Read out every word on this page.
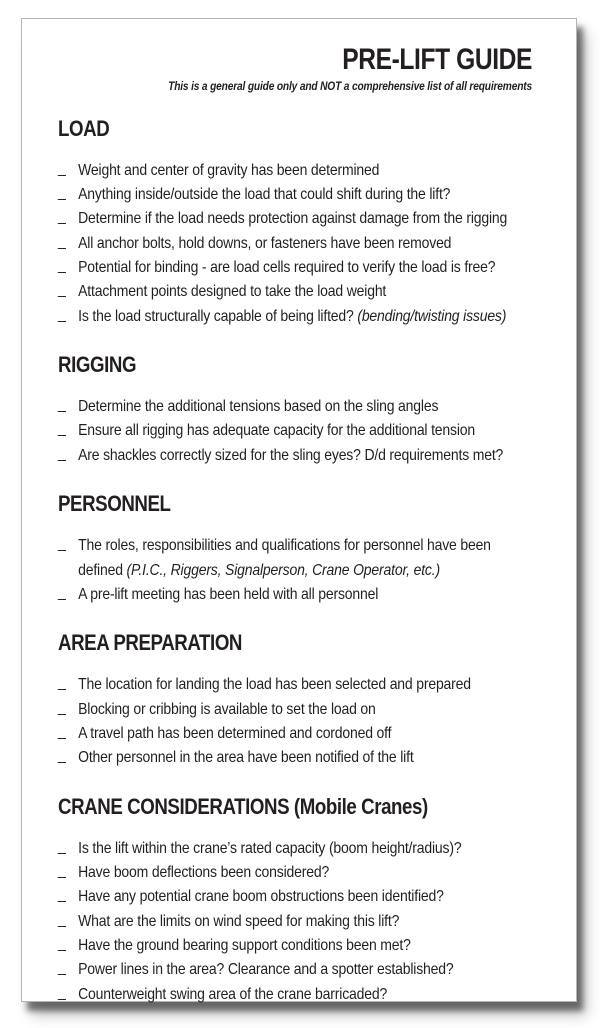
PRE-LIFT GUIDE
This is a general guide only and NOT a comprehensive list of all requirements
LOAD
_ Weight and center of gravity has been determined
_ Anything inside/outside the load that could shift during the lift?
_ Determine if the load needs protection against damage from the rigging
_ All anchor bolts, hold downs, or fasteners have been removed
_ Potential for binding - are load cells required to verify the load is free?
_ Attachment points designed to take the load weight
_ Is the load structurally capable of being lifted? (bending/twisting issues)
RIGGING
_ Determine the additional tensions based on the sling angles
_ Ensure all rigging has adequate capacity for the additional tension
_ Are shackles correctly sized for the sling eyes? D/d requirements met?
PERSONNEL
_ The roles, responsibilities and qualifications for personnel have been defined (P.I.C., Riggers, Signalperson, Crane Operator, etc.)
_ A pre-lift meeting has been held with all personnel
AREA PREPARATION
_ The location for landing the load has been selected and prepared
_ Blocking or cribbing is available to set the load on
_ A travel path has been determined and cordoned off
_ Other personnel in the area have been notified of the lift
CRANE CONSIDERATIONS (Mobile Cranes)
_ Is the lift within the crane’s rated capacity (boom height/radius)?
_ Have boom deflections been considered?
_ Have any potential crane boom obstructions been identified?
_ What are the limits on wind speed for making this lift?
_ Have the ground bearing support conditions been met?
_ Power lines in the area? Clearance and a spotter established?
_ Counterweight swing area of the crane barricaded?
